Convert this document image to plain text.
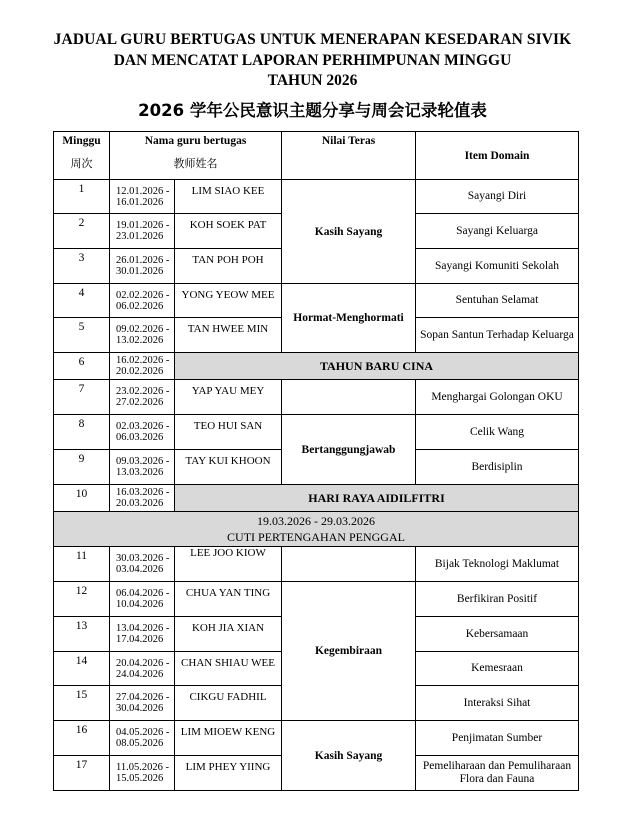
JADUAL GURU BERTUGAS UNTUK MENERAPAN KESEDARAN SIVIK
DAN MENCATAT LAPORAN PERHIMPUNAN MINGGU
TAHUN 2026
2026 学年公民意识主题分享与周会记录轮值表
Minggu
周次	Nama guru bertugas
教师姓名		Nilai Teras	Item Domain
1	12.01.2026 -
16.01.2026	LIM SIAO KEE	Kasih Sayang	Sayangi Diri
2	19.01.2026 -
23.01.2026	KOH SOEK PAT		Sayangi Keluarga
3	26.01.2026 -
30.01.2026	TAN POH POH		Sayangi Komuniti Sekolah
4	02.02.2026 -
06.02.2026	YONG YEOW MEE	Hormat-Menghormati	Sentuhan Selamat
5	09.02.2026 -
13.02.2026	TAN HWEE MIN		Sopan Santun Terhadap Keluarga
6	16.02.2026 -
20.02.2026	TAHUN BARU CINA		
7	23.02.2026 -
27.02.2026	YAP YAU MEY		Menghargai Golongan OKU
8	02.03.2026 -
06.03.2026	TEO HUI SAN	Bertanggungjawab	Celik Wang
9	09.03.2026 -
13.03.2026	TAY KUI KHOON		Berdisiplin
10	16.03.2026 -
20.03.2026	HARI RAYA AIDILFITRI		
19.03.2026 - 29.03.2026
CUTI PERTENGAHAN PENGGAL				
11	30.03.2026 -
03.04.2026	LEE JOO KIOW		Bijak Teknologi Maklumat
12	06.04.2026 -
10.04.2026	CHUA YAN TING	Kegembiraan	Berfikiran Positif
13	13.04.2026 -
17.04.2026	KOH JIA XIAN		Kebersamaan
14	20.04.2026 -
24.04.2026	CHAN SHIAU WEE		Kemesraan
15	27.04.2026 -
30.04.2026	CIKGU FADHIL		Interaksi Sihat
16	04.05.2026 -
08.05.2026	LIM MIOEW KENG	Kasih Sayang	Penjimatan Sumber
17	11.05.2026 -
15.05.2026	LIM PHEY YIING		Pemeliharaan dan Pemuliharaan Flora dan Fauna
